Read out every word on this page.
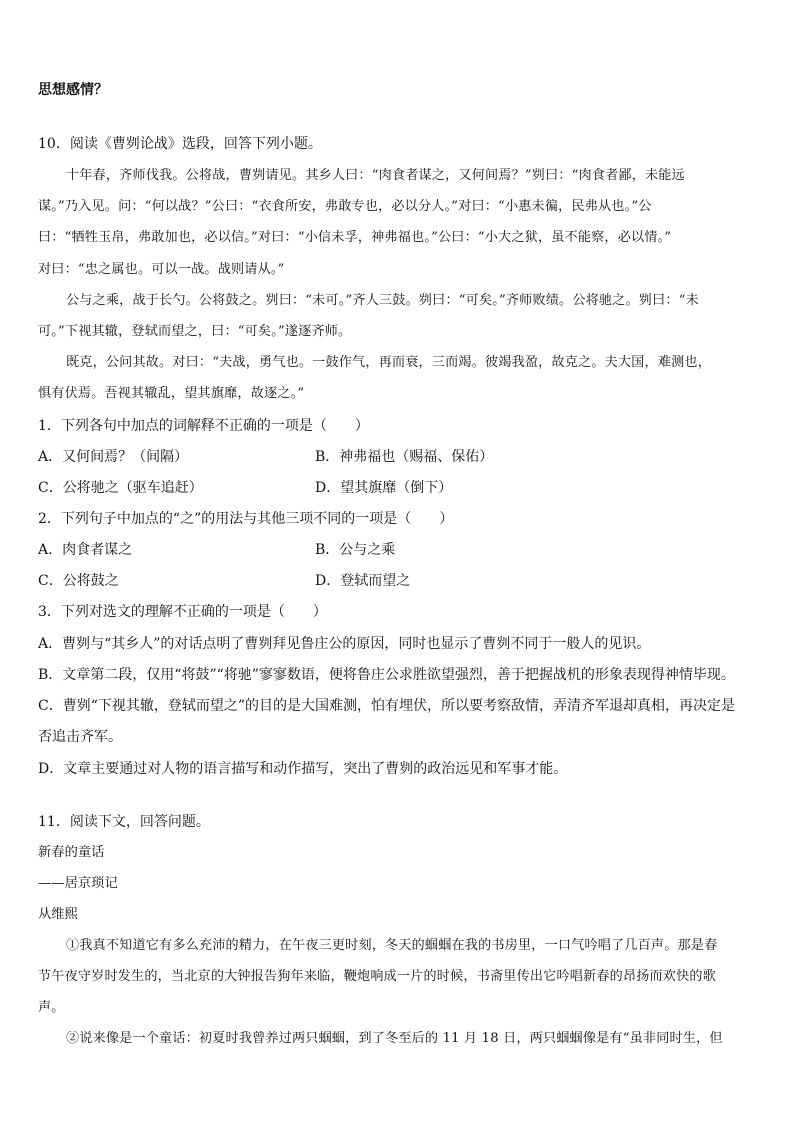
思想感情？
10．阅读《曹刿论战》选段，回答下列小题。
十年春，齐师伐我。公将战，曹刿请见。其乡人曰：“肉食者谋之，又何间焉？”刿曰：“肉食者鄙，未能远
谋。”乃入见。问：“何以战？”公曰：“衣食所安，弗敢专也，必以分人。”对曰：“小惠未徧，民弗从也。”公
曰：“牺牲玉帛，弗敢加也，必以信。”对曰：“小信未孚，神弗福也。”公曰：“小大之狱，虽不能察，必以情。”
对曰：“忠之属也。可以一战。战则请从。”
公与之乘，战于长勺。公将鼓之。刿曰：“未可。”齐人三鼓。刿曰：“可矣。”齐师败绩。公将驰之。刿曰：“未
可。”下视其辙，登轼而望之，曰：“可矣。”遂逐齐师。
既克，公问其故。对曰：“夫战，勇气也。一鼓作气，再而衰，三而竭。彼竭我盈，故克之。夫大国，难测也，
惧有伏焉。吾视其辙乱，望其旗靡，故逐之。”
1．下列各句中加点的词解释不正确的一项是（　　）
A．又何间焉？（间隔）	B．神弗福也（赐福、保佑）
C．公将驰之（驱车追赶）	D．望其旗靡（倒下）
2．下列句子中加点的“之”的用法与其他三项不同的一项是（　　）
A．肉食者谋之	B．公与之乘
C．公将鼓之	D．登轼而望之
3．下列对选文的理解不正确的一项是（　　）
A．曹刿与“其乡人”的对话点明了曹刿拜见鲁庄公的原因，同时也显示了曹刿不同于一般人的见识。
B．文章第二段，仅用“将鼓”“将驰”寥寥数语，便将鲁庄公求胜欲望强烈，善于把握战机的形象表现得神情毕现。
C．曹刿“下视其辙，登轼而望之”的目的是大国难测，怕有埋伏，所以要考察敌情，弄清齐军退却真相，再决定是
否追击齐军。
D．文章主要通过对人物的语言描写和动作描写，突出了曹刿的政治远见和军事才能。
11．阅读下文，回答问题。
新春的童话
——居京琐记
从维熙
①我真不知道它有多么充沛的精力，在午夜三更时刻，冬天的蝈蝈在我的书房里，一口气吟唱了几百声。那是春
节午夜守岁时发生的，当北京的大钟报告狗年来临，鞭炮响成一片的时候，书斋里传出它吟唱新春的昂扬而欢快的歌
声。
②说来像是一个童话：初夏时我曾养过两只蝈蝈，到了冬至后的 11 月 18 日，两只蝈蝈像是有“虽非同时生，但
